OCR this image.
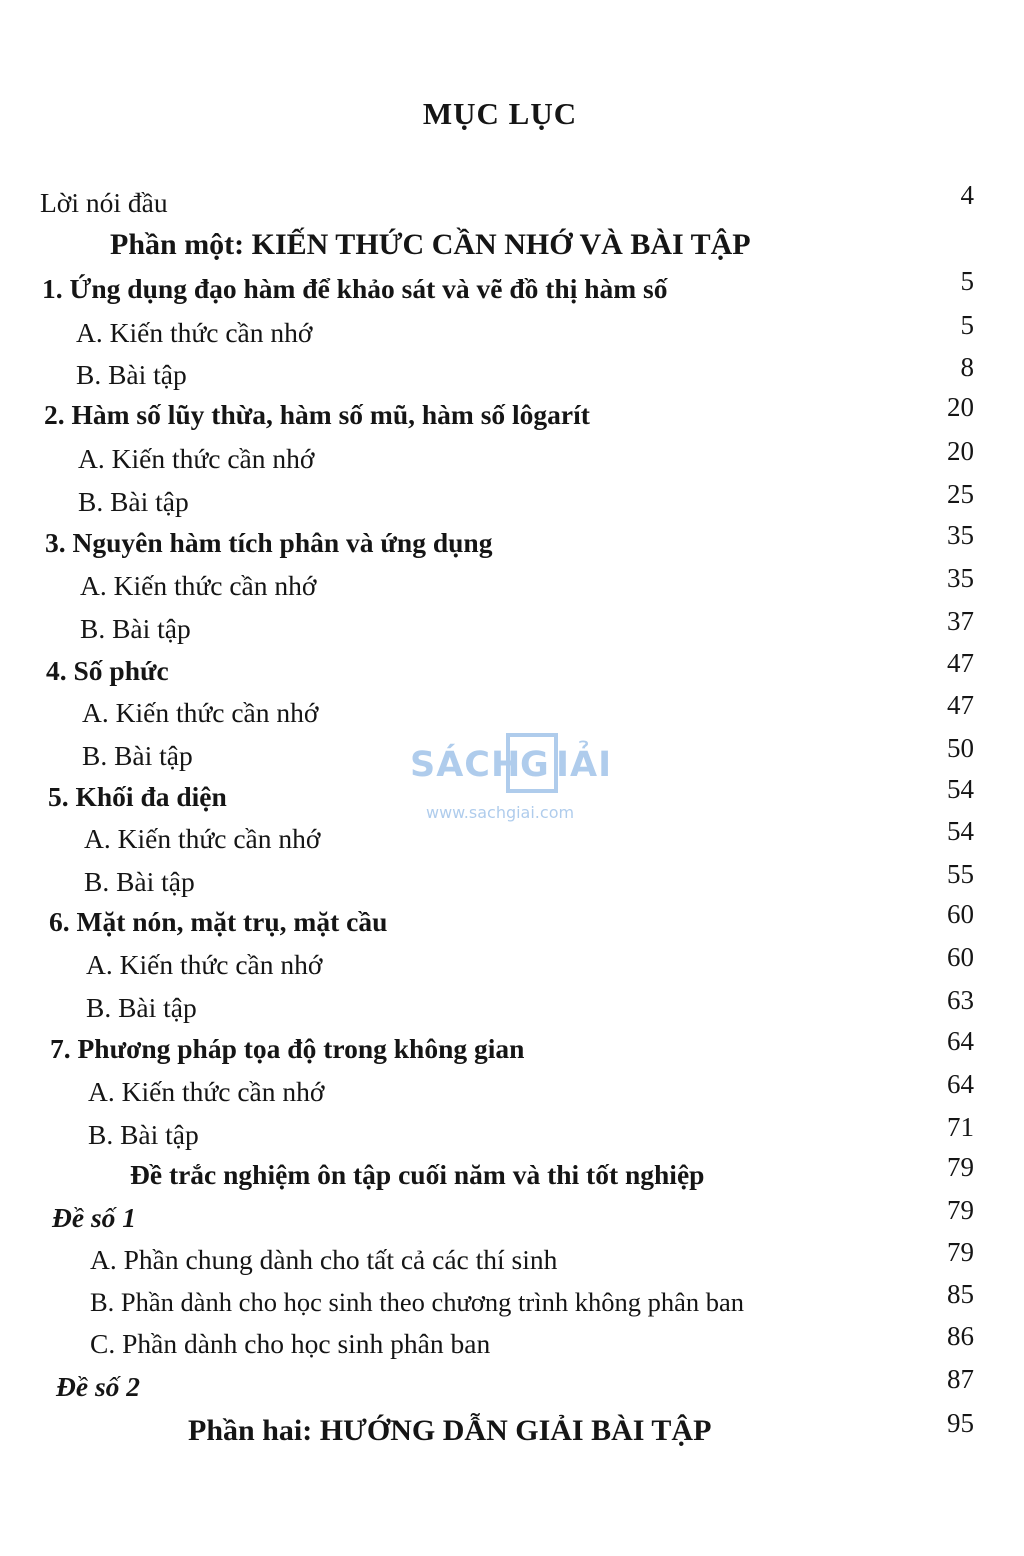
MỤC LỤC
Lời nói đầu	4
Phần một: KIẾN THỨC CẦN NHỚ VÀ BÀI TẬP
1. Ứng dụng đạo hàm để khảo sát và vẽ đồ thị hàm số	5
A. Kiến thức cần nhớ	5
B. Bài tập	8
2. Hàm số lũy thừa, hàm số mũ, hàm số lôgarít	20
A. Kiến thức cần nhớ	20
B. Bài tập	25
3. Nguyên hàm tích phân và ứng dụng	35
A. Kiến thức cần nhớ	35
B. Bài tập	37
4. Số phức	47
A. Kiến thức cần nhớ	47
B. Bài tập	50
5. Khối đa diện	54
A. Kiến thức cần nhớ	54
B. Bài tập	55
6. Mặt nón, mặt trụ, mặt cầu	60
A. Kiến thức cần nhớ	60
B. Bài tập	63
7. Phương pháp tọa độ trong không gian	64
A. Kiến thức cần nhớ	64
B. Bài tập	71
Đề trắc nghiệm ôn tập cuối năm và thi tốt nghiệp	79
Đề số 1	79
A. Phần chung dành cho tất cả các thí sinh	79
B. Phần dành cho học sinh theo chương trình không phân ban	85
C. Phần dành cho học sinh phân ban	86
Đề số 2	87
Phần hai: HƯỚNG DẪN GIẢI BÀI TẬP	95
SÁCH
G IẢI
www.sachgiai.com
